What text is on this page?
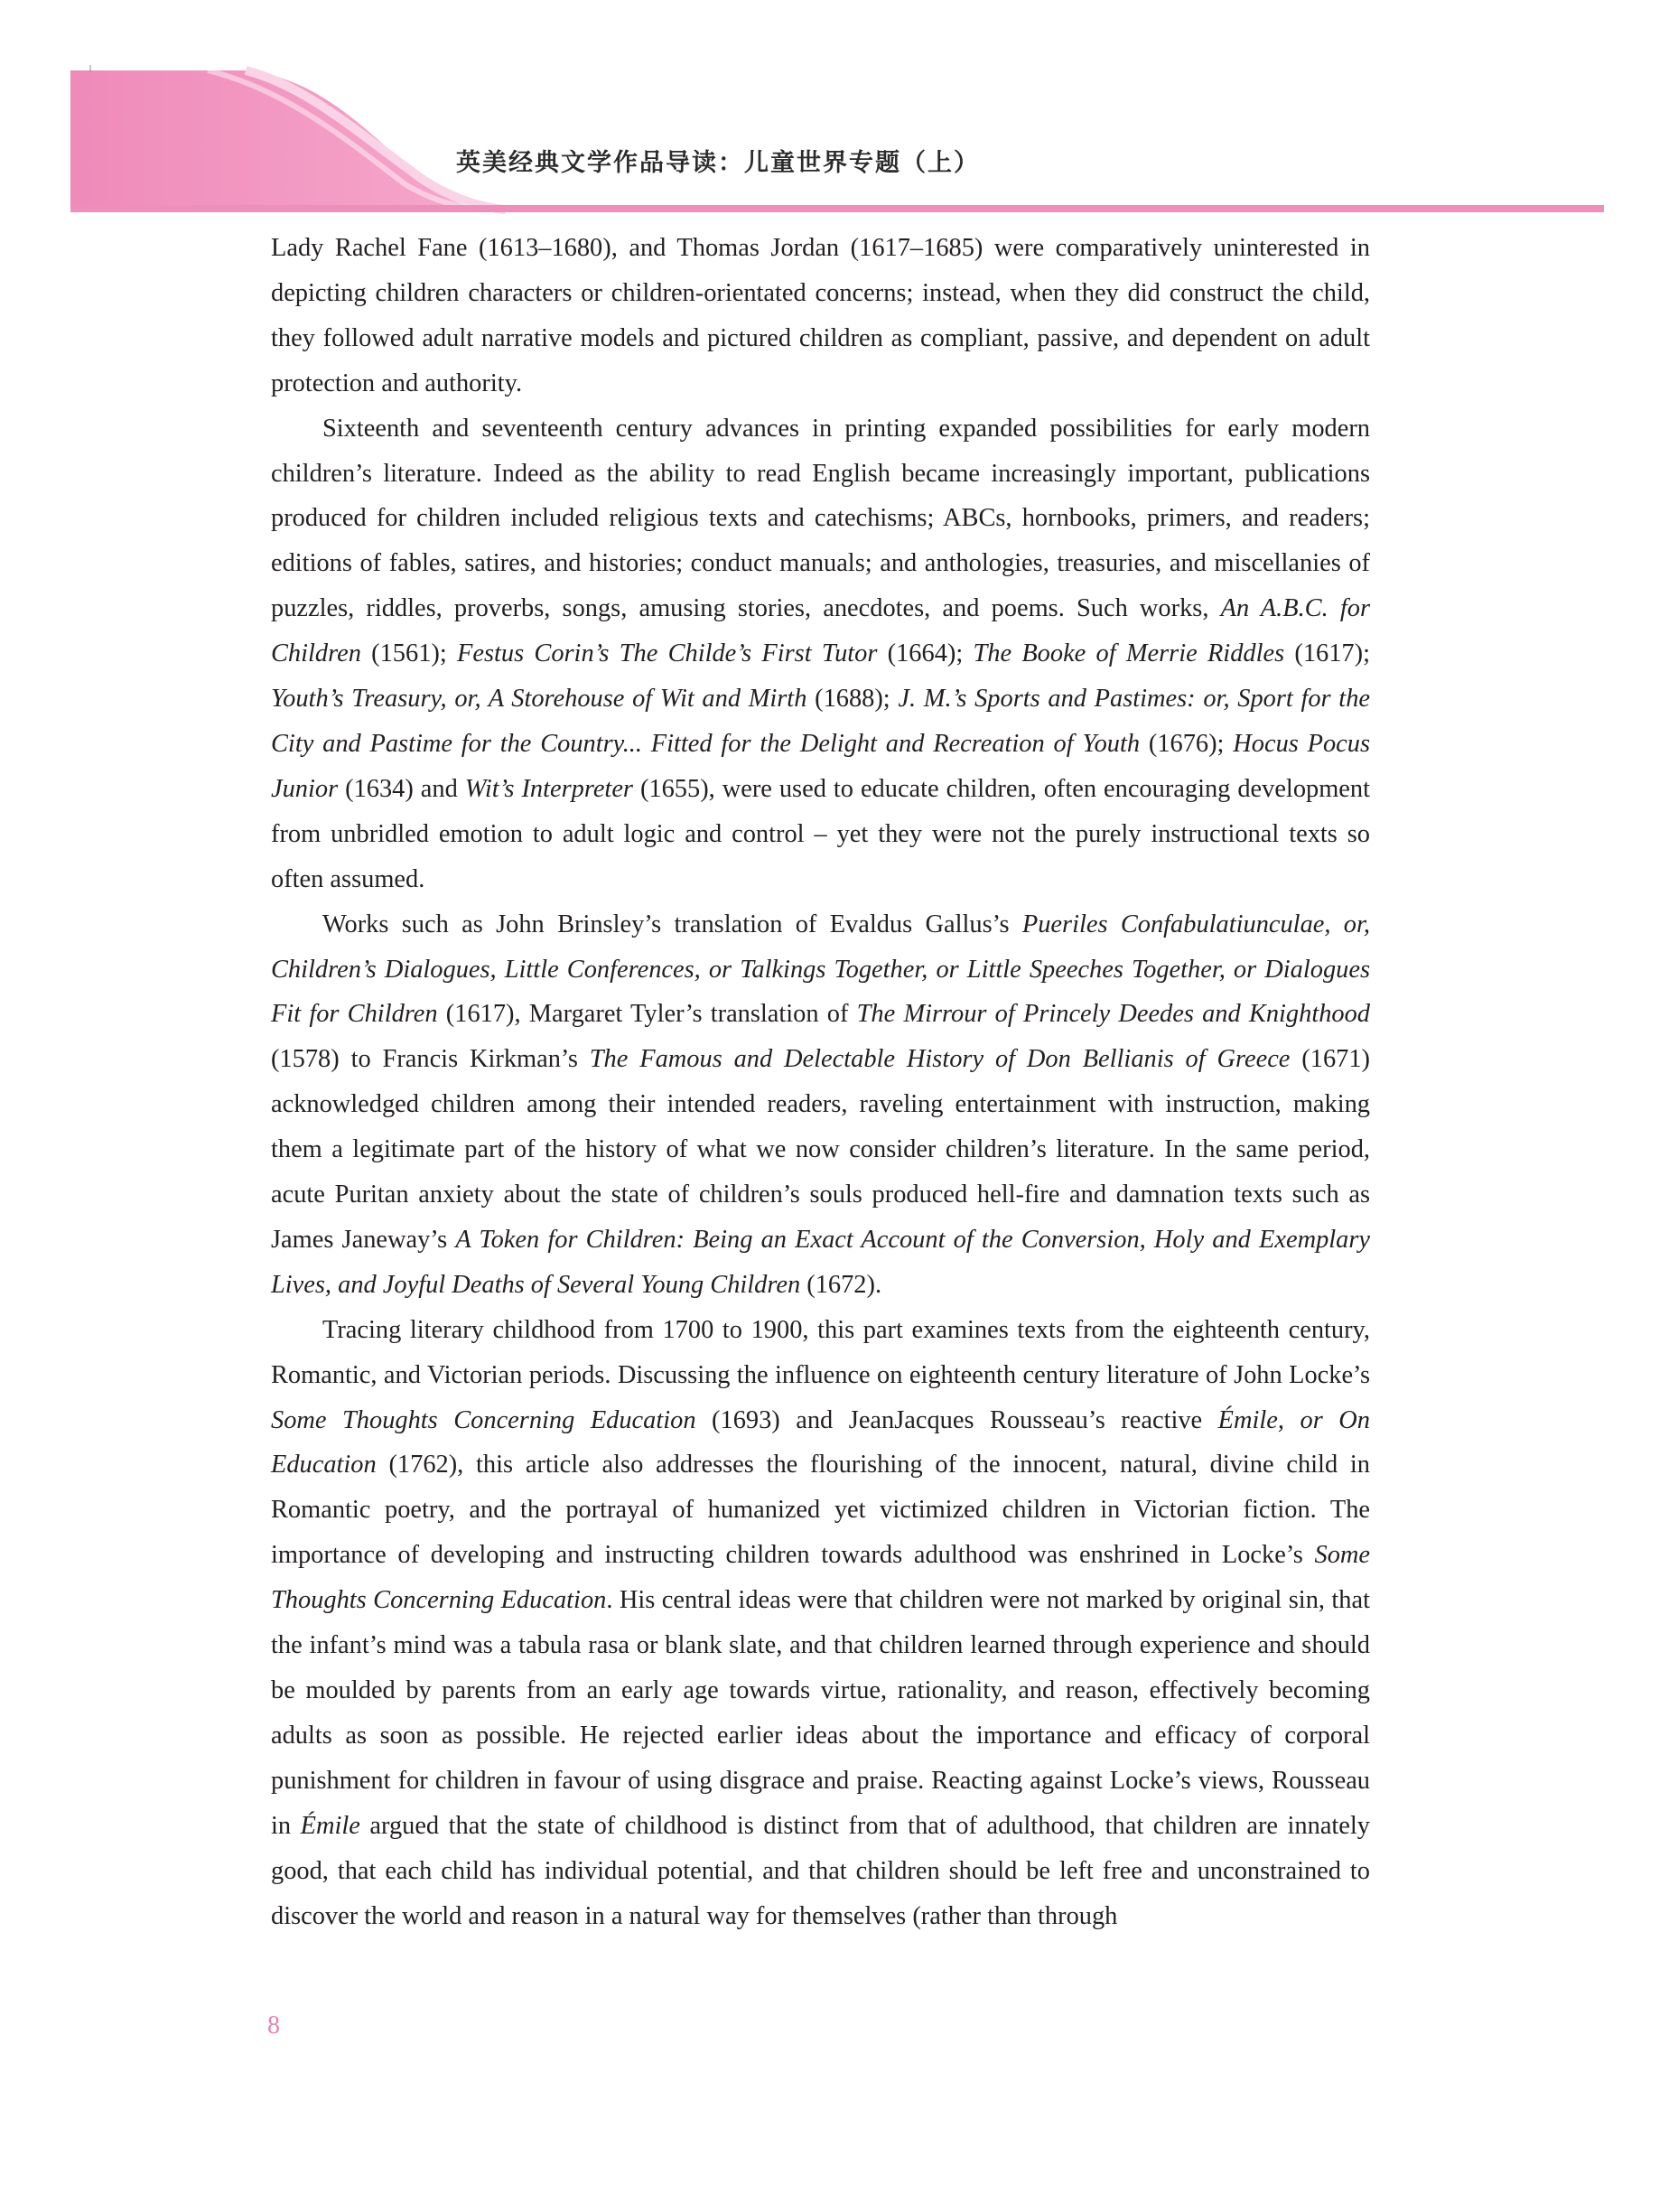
英美经典文学作品导读：儿童世界专题（上）

Lady Rachel Fane (1613–1680), and Thomas Jordan (1617–1685) were comparatively uninterested in depicting children characters or children-orientated concerns; instead, when they did construct the child, they followed adult narrative models and pictured children as compliant, passive, and dependent on adult protection and authority.

Sixteenth and seventeenth century advances in printing expanded possibilities for early modern children’s literature. Indeed as the ability to read English became increasingly important, publications produced for children included religious texts and catechisms; ABCs, hornbooks, primers, and readers; editions of fables, satires, and histories; conduct manuals; and anthologies, treasuries, and miscellanies of puzzles, riddles, proverbs, songs, amusing stories, anecdotes, and poems. Such works, An A.B.C. for Children (1561); Festus Corin’s The Childe’s First Tutor (1664); The Booke of Merrie Riddles (1617); Youth’s Treasury, or, A Storehouse of Wit and Mirth (1688); J. M.’s Sports and Pastimes: or, Sport for the City and Pastime for the Country... Fitted for the Delight and Recreation of Youth (1676); Hocus Pocus Junior (1634) and Wit’s Interpreter (1655), were used to educate children, often encouraging development from unbridled emotion to adult logic and control – yet they were not the purely instructional texts so often assumed.

Works such as John Brinsley’s translation of Evaldus Gallus’s Pueriles Confabulatiunculae, or, Children’s Dialogues, Little Conferences, or Talkings Together, or Little Speeches Together, or Dialogues Fit for Children (1617), Margaret Tyler’s translation of The Mirrour of Princely Deedes and Knighthood (1578) to Francis Kirkman’s The Famous and Delectable History of Don Bellianis of Greece (1671) acknowledged children among their intended readers, raveling entertainment with instruction, making them a legitimate part of the history of what we now consider children’s literature. In the same period, acute Puritan anxiety about the state of children’s souls produced hell-fire and damnation texts such as James Janeway’s A Token for Children: Being an Exact Account of the Conversion, Holy and Exemplary Lives, and Joyful Deaths of Several Young Children (1672).

Tracing literary childhood from 1700 to 1900, this part examines texts from the eighteenth century, Romantic, and Victorian periods. Discussing the influence on eighteenth century literature of John Locke’s Some Thoughts Concerning Education (1693) and JeanJacques Rousseau’s reactive Émile, or On Education (1762), this article also addresses the flourishing of the innocent, natural, divine child in Romantic poetry, and the portrayal of humanized yet victimized children in Victorian fiction. The importance of developing and instructing children towards adulthood was enshrined in Locke’s Some Thoughts Concerning Education. His central ideas were that children were not marked by original sin, that the infant’s mind was a tabula rasa or blank slate, and that children learned through experience and should be moulded by parents from an early age towards virtue, rationality, and reason, effectively becoming adults as soon as possible. He rejected earlier ideas about the importance and efficacy of corporal punishment for children in favour of using disgrace and praise. Reacting against Locke’s views, Rousseau in Émile argued that the state of childhood is distinct from that of adulthood, that children are innately good, that each child has individual potential, and that children should be left free and unconstrained to discover the world and reason in a natural way for themselves (rather than through

8
